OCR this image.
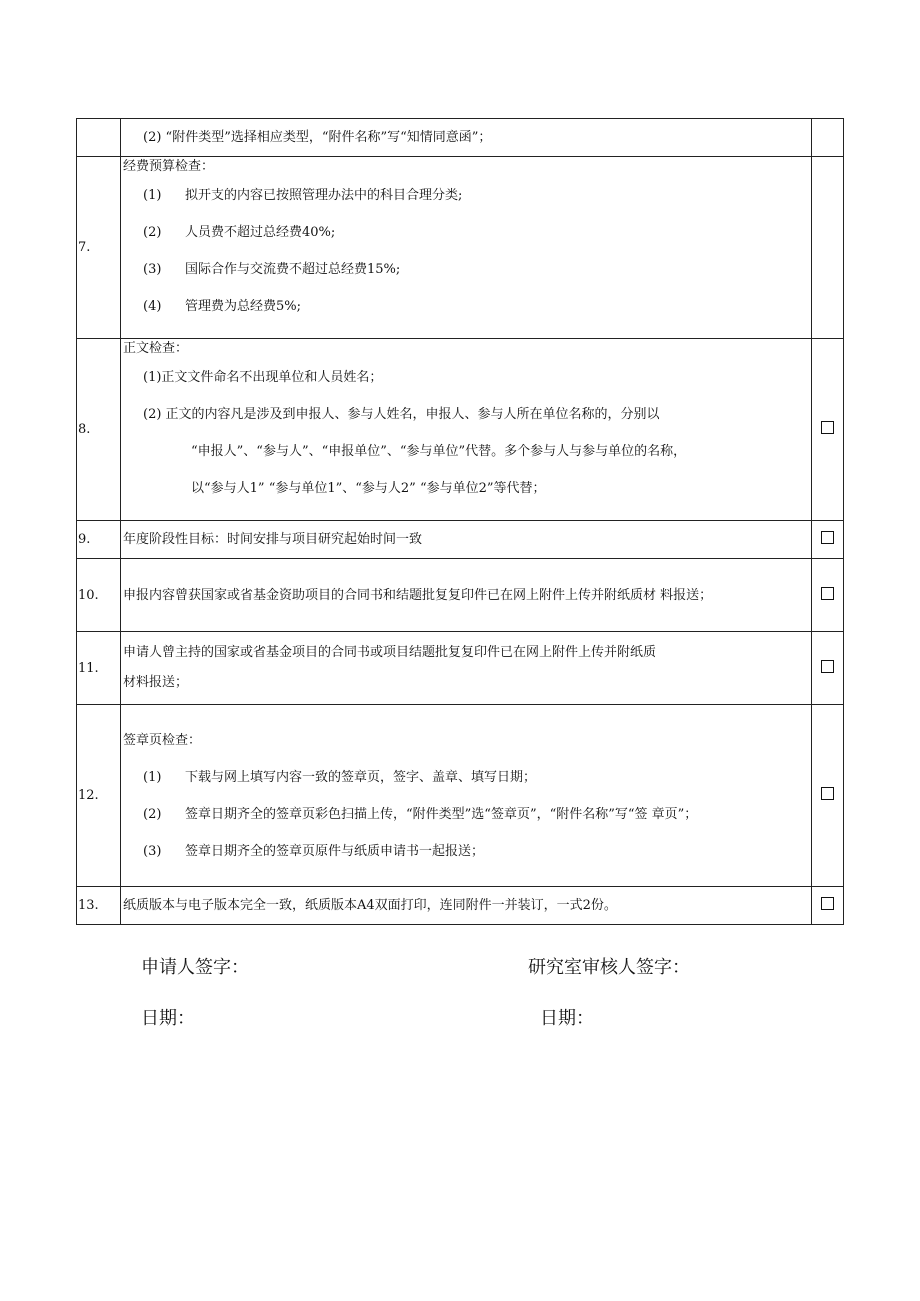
	(2) “附件类型”选择相应类型，“附件名称”写“知情同意函”；	

7.	经费预算检查：
(1) 拟开支的内容已按照管理办法中的科目合理分类;
(2) 人员费不超过总经费40%;
(3) 国际合作与交流费不超过总经费15%;
(4) 管理费为总经费5%;	

8.	正文检查：
(1)正文文件命名不出现单位和人员姓名；
(2) 正文的内容凡是涉及到申报人、参与人姓名，申报人、参与人所在单位名称的，分别以
“申报人”、“参与人”、“申报单位”、“参与单位”代替。多个参与人与参与单位的名称，
以“参与人1” “参与单位1”、“参与人2” “参与单位2”等代替；	

9.	年度阶段性目标：时间安排与项目研究起始时间一致	

10.	申报内容曾获国家或省基金资助项目的合同书和结题批复复印件已在网上附件上传并附纸质材 料报送；	

11.	申请人曾主持的国家或省基金项目的合同书或项目结题批复复印件已在网上附件上传并附纸质
材料报送；	

12.	签章页检查：
(1) 下载与网上填写内容一致的签章页，签字、盖章、填写日期；
(2) 签章日期齐全的签章页彩色扫描上传，“附件类型”选“签章页”，“附件名称”写“签 章页”；
(3) 签章日期齐全的签章页原件与纸质申请书一起报送；	

13.	纸质版本与电子版本完全一致，纸质版本A4双面打印，连同附件一并装订，一式2份。	

申请人签字：	研究室审核人签字：
日期：	日期：
